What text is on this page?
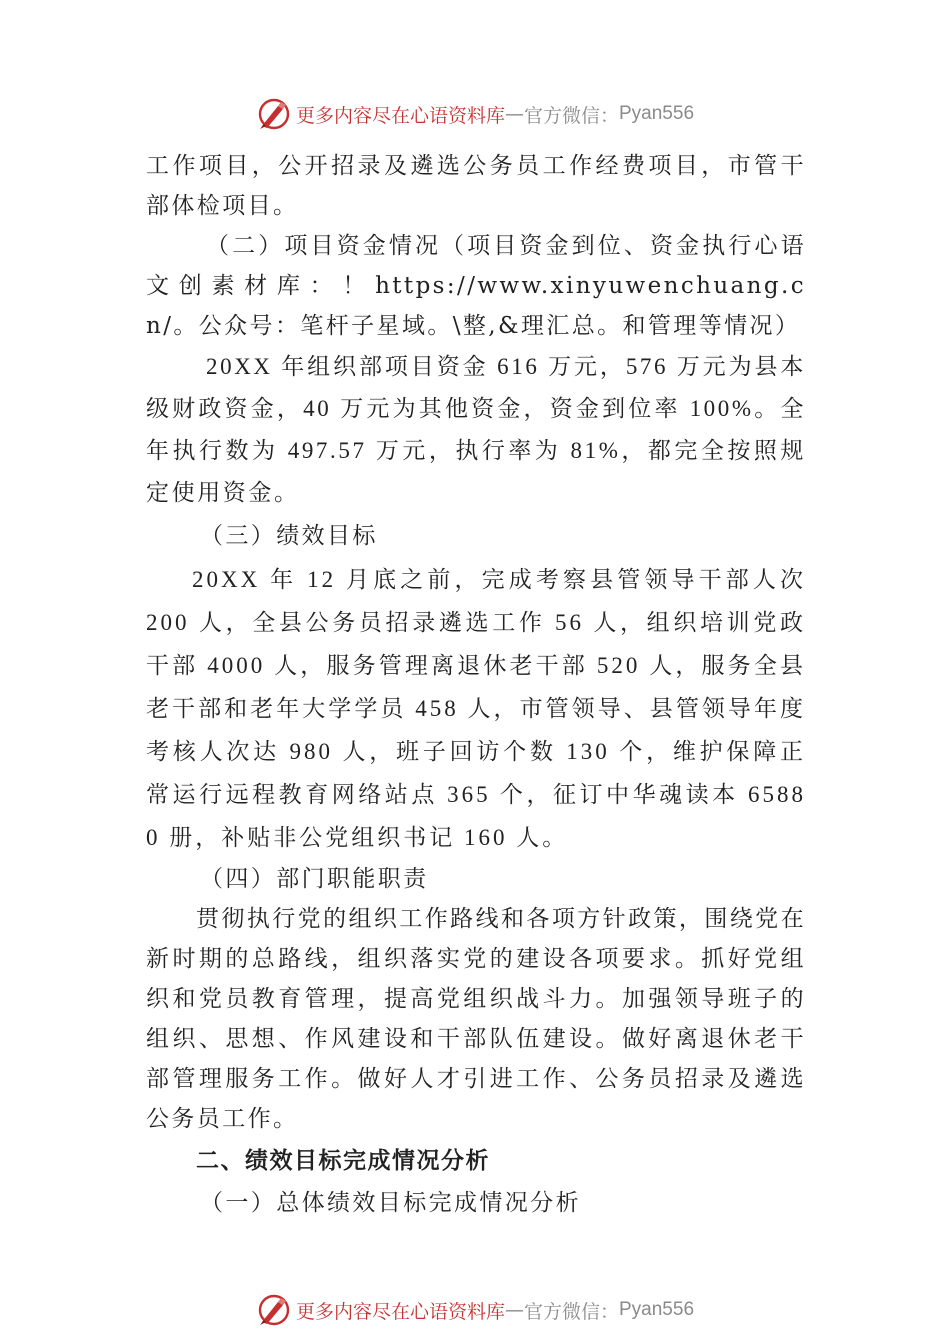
更多内容尽在心语资料库 — 官方微信： Pyan556

工作项目，公开招录及遴选公务员工作经费项目，市管干部体检项目。

（二）项目资金情况（项目资金到位、资金执行心语文创素材库：！https://www.xinyuwenchuang.cn/。公众号：笔杆子星域。\整,&理汇总。和管理等情况）

20XX 年组织部项目资金 616 万元，576 万元为县本级财政资金，40 万元为其他资金，资金到位率 100%。全年执行数为 497.57 万元，执行率为 81%，都完全按照规定使用资金。

（三）绩效目标

20XX 年 12 月底之前，完成考察县管领导干部人次 200 人，全县公务员招录遴选工作 56 人，组织培训党政干部 4000 人，服务管理离退休老干部 520 人，服务全县老干部和老年大学学员 458 人，市管领导、县管领导年度考核人次达 980 人，班子回访个数 130 个，维护保障正常运行远程教育网络站点 365 个，征订中华魂读本 65880 册，补贴非公党组织书记 160 人。

（四）部门职能职责

贯彻执行党的组织工作路线和各项方针政策，围绕党在新时期的总路线，组织落实党的建设各项要求。抓好党组织和党员教育管理，提高党组织战斗力。加强领导班子的组织、思想、作风建设和干部队伍建设。做好离退休老干部管理服务工作。做好人才引进工作、公务员招录及遴选公务员工作。

二、绩效目标完成情况分析

（一）总体绩效目标完成情况分析

更多内容尽在心语资料库 — 官方微信： Pyan556
